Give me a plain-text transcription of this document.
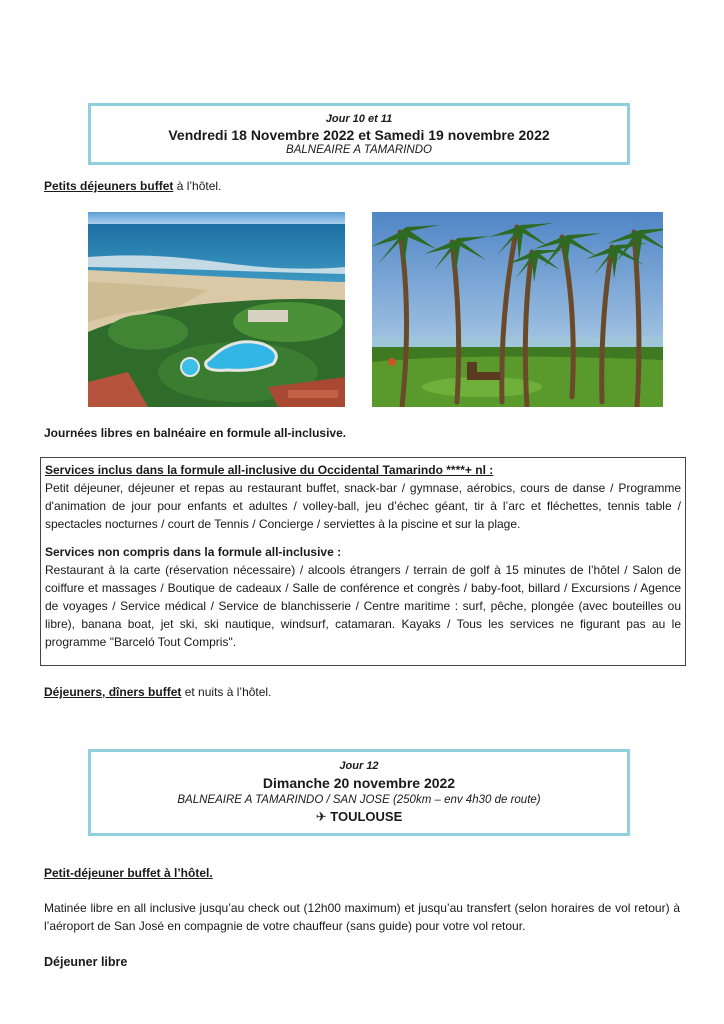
Jour 10 et 11
Vendredi 18 Novembre 2022 et Samedi 19 novembre 2022
BALNEAIRE A TAMARINDO
Petits déjeuners buffet à l’hôtel.
Journées libres en balnéaire en formule all-inclusive.

Services inclus dans la formule all-inclusive du Occidental Tamarindo ****+ nl :

Petit déjeuner, déjeuner et repas au restaurant buffet, snack-bar / gymnase, aérobics, cours de danse / Programme d'animation de jour pour enfants et adultes / volley-ball, jeu d’échec géant, tir à l’arc et fléchettes, tennis table / spectacles nocturnes / court de Tennis / Concierge / serviettes à la piscine et sur la plage.

Services non compris dans la formule all-inclusive :

Restaurant à la carte (réservation nécessaire) / alcools étrangers / terrain de golf à 15 minutes de l’hôtel / Salon de coiffure et massages / Boutique de cadeaux / Salle de conférence et congrès / baby-foot, billard / Excursions / Agence de voyages / Service médical / Service de blanchisserie / Centre maritime : surf, pêche, plongée (avec bouteilles ou libre), banana boat, jet ski, ski nautique, windsurf, catamaran. Kayaks / Tous les services ne figurant pas au le programme "Barceló Tout Compris".

Déjeuners, dîners buffet et nuits à l’hôtel.
Jour 12
Dimanche 20 novembre 2022
BALNEAIRE A TAMARINDO / SAN JOSE (250km – env 4h30 de route)
✈ TOULOUSE
Petit-déjeuner buffet à l’hôtel.
Matinée libre en all inclusive jusqu’au check out (12h00 maximum) et jusqu’au transfert (selon horaires de vol retour) à l’aéroport de San José en compagnie de votre chauffeur (sans guide) pour votre vol retour.
Déjeuner libre
